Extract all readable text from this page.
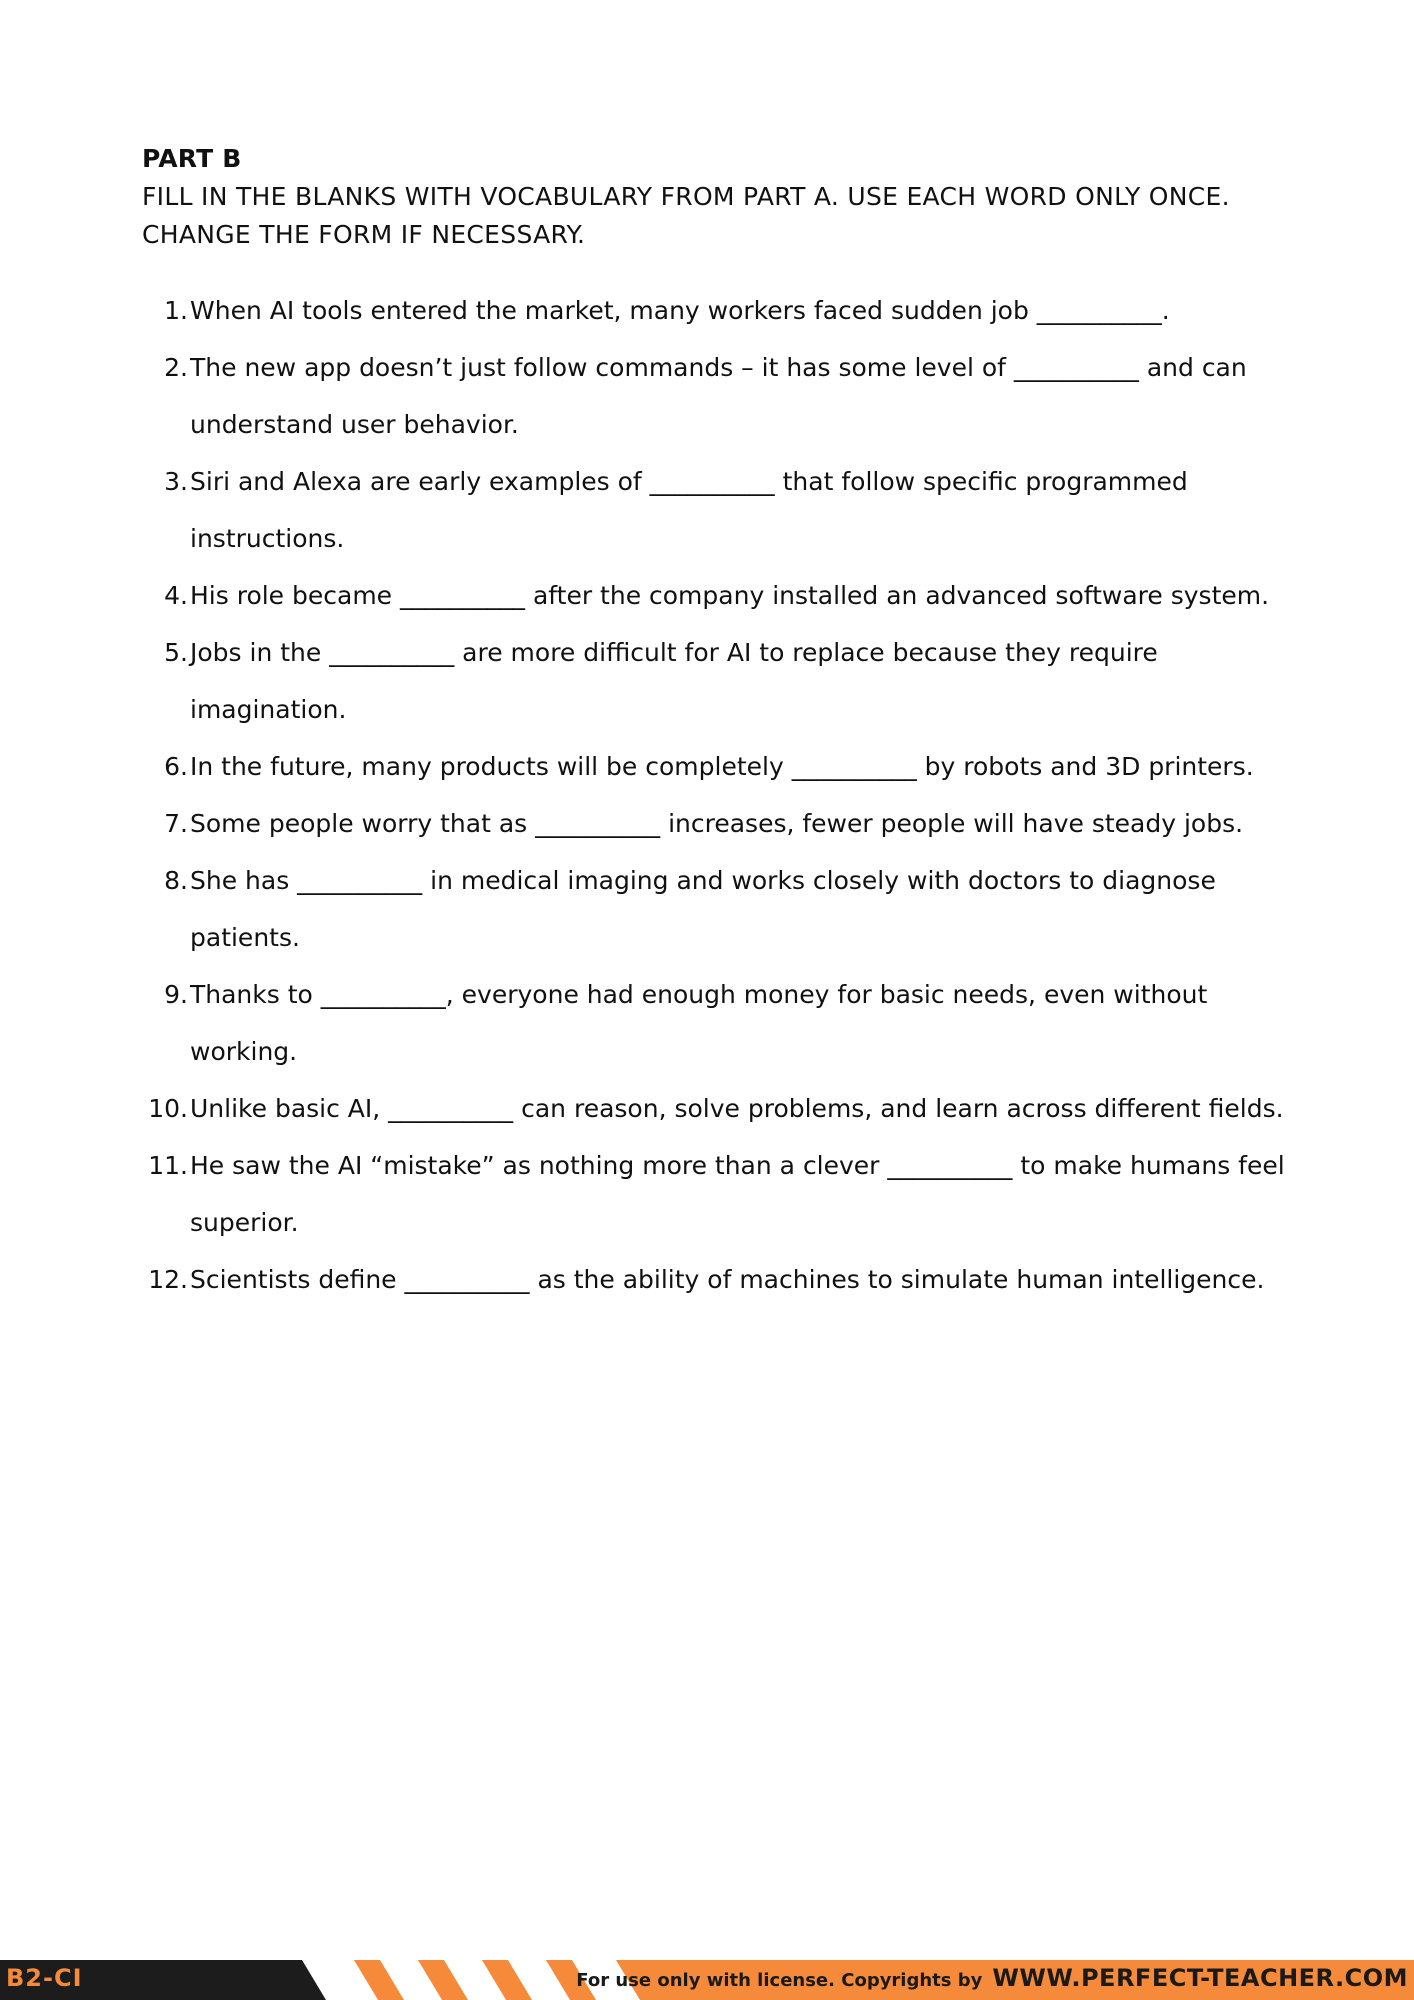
PART B
FILL IN THE BLANKS WITH VOCABULARY FROM PART A. USE EACH WORD ONLY ONCE.
CHANGE THE FORM IF NECESSARY.
1. When AI tools entered the market, many workers faced sudden job __________.
2. The new app doesn’t just follow commands – it has some level of __________ and can understand user behavior.
3. Siri and Alexa are early examples of __________ that follow specific programmed instructions.
4. His role became __________ after the company installed an advanced software system.
5. Jobs in the __________ are more difficult for AI to replace because they require imagination.
6. In the future, many products will be completely __________ by robots and 3D printers.
7. Some people worry that as __________ increases, fewer people will have steady jobs.
8. She has __________ in medical imaging and works closely with doctors to diagnose patients.
9. Thanks to __________, everyone had enough money for basic needs, even without working.
10. Unlike basic AI, __________ can reason, solve problems, and learn across different fields.
11. He saw the AI “mistake” as nothing more than a clever __________ to make humans feel superior.
12. Scientists define __________ as the ability of machines to simulate human intelligence.
B2-CI	For use only with license. Copyrights by WWW.PERFECT-TEACHER.COM
